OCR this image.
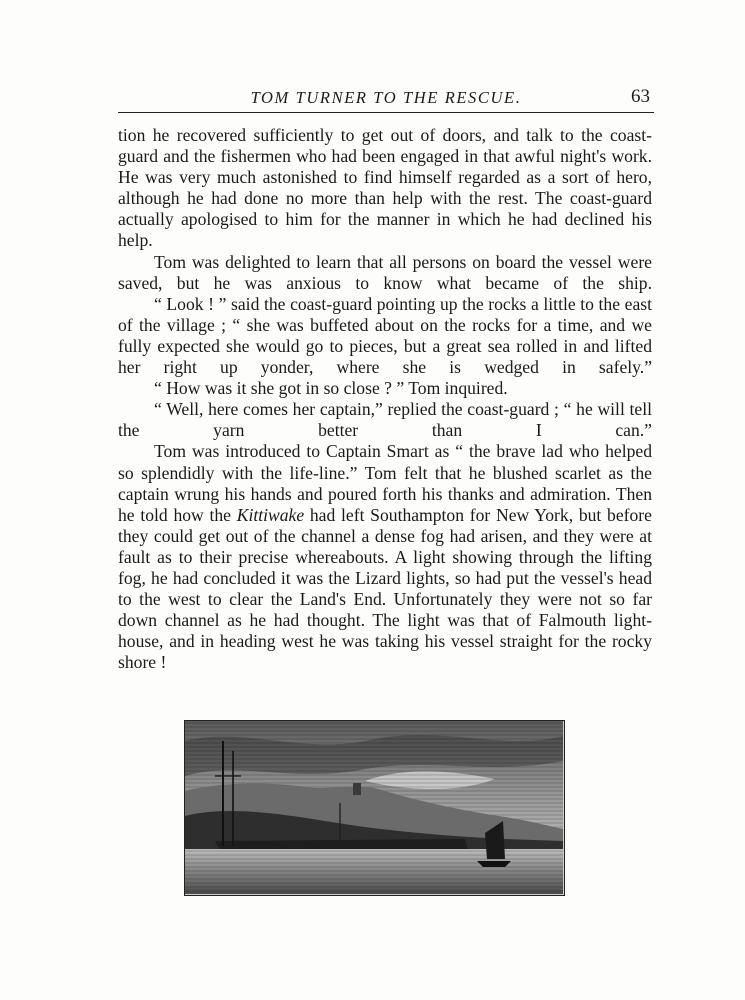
TOM TURNER TO THE RESCUE.	63

tion he recovered sufficiently to get out of doors, and talk to the coast-guard and the fishermen who had been engaged in that awful night's work. He was very much astonished to find himself regarded as a sort of hero, although he had done no more than help with the rest. The coast-guard actually apologised to him for the manner in which he had declined his help.

Tom was delighted to learn that all persons on board the vessel were saved, but he was anxious to know what became of the ship.

“ Look ! ” said the coast-guard pointing up the rocks a little to the east of the village ; “ she was buffeted about on the rocks for a time, and we fully expected she would go to pieces, but a great sea rolled in and lifted her right up yonder, where she is wedged in safely.”

“ How was it she got in so close ? ” Tom inquired.

“ Well, here comes her captain,” replied the coast-guard ; “ he will tell the yarn better than I can.”

Tom was introduced to Captain Smart as “ the brave lad who helped so splendidly with the life-line.” Tom felt that he blushed scarlet as the captain wrung his hands and poured forth his thanks and admiration. Then he told how the Kittiwake had left Southampton for New York, but before they could get out of the channel a dense fog had arisen, and they were at fault as to their precise whereabouts. A light showing through the lifting fog, he had concluded it was the Lizard lights, so had put the vessel's head to the west to clear the Land's End. Unfortunately they were not so far down channel as he had thought. The light was that of Falmouth light-house, and in heading west he was taking his vessel straight for the rocky shore !
